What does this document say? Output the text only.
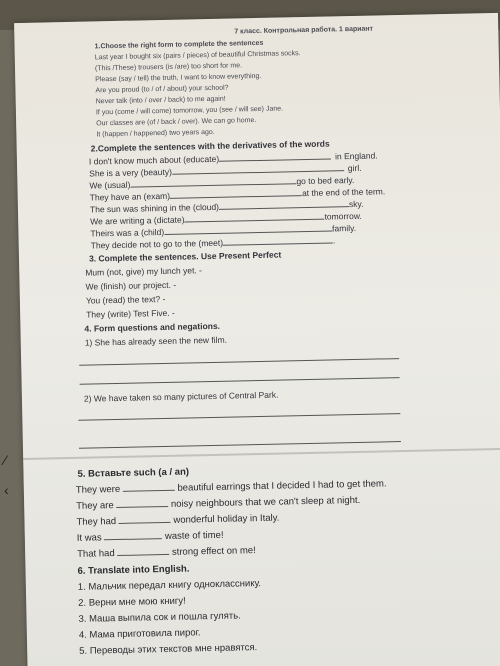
7 класс. Контрольная работа. 1 вариант
1.Choose the right form to complete the sentences
Last year I bought six (pairs / pieces) of beautiful Christmas socks.
(This /These) trousers (is /are) too short for me.
Please (say / tell) the truth, I want to know everything.
Are you proud (to / of / about) your school?
Never talk (into / over / back) to me again!
If you (come / will come) tomorrow, you (see / will see) Jane.
Our classes are (of / back / over). We can go home.
It (happen / happened) two years ago.
2.Complete the sentences with the derivatives of the words
I don't know much about (educate)	in England.
She is a very (beauty)	girl.
We (usual)	go to bed early.
They have an (exam)	at the end of the term.
The sun was shining in the (cloud)	sky.
We are writing a (dictate)	tomorrow.
Theirs was a (child)	family.
They decide not to go to the (meet)	.
3. Complete the sentences. Use Present Perfect
Mum (not, give) my lunch yet. -
We (finish) our project. -
You (read) the text? -
They (write) Test Five. -
4. Form questions and negations.
1) She has already seen the new film.
2) We have taken so many pictures of Central Park.
5. Вставьте such (a / an)
They were	beautiful earrings that I decided I had to get them.
They are	noisy neighbours that we can't sleep at night.
They had	wonderful holiday in Italy.
It was	waste of time!
That had	strong effect on me!
6. Translate into English.
1. Мальчик передал книгу однокласснику.
2. Верни мне мою книгу!
3. Маша выпила сок и пошла гулять.
4. Мама приготовила пирог.
5. Переводы этих текстов мне нравятся.
⁄
‹
